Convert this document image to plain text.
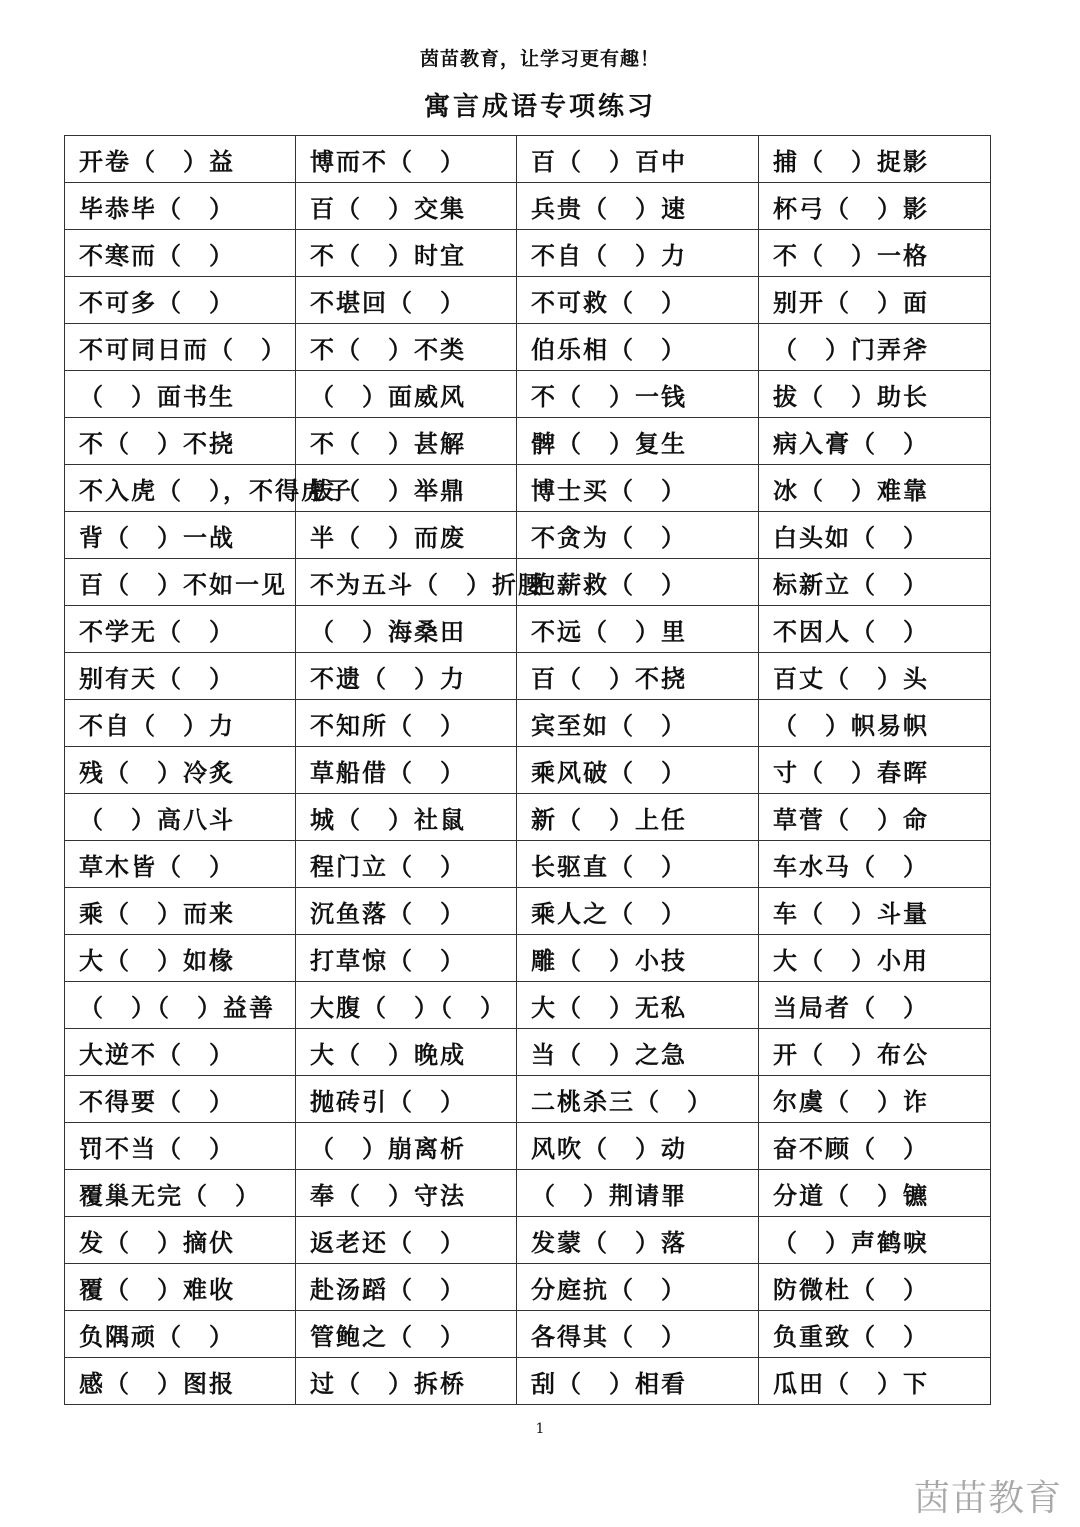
茵苗教育，让学习更有趣！
寓言成语专项练习
开卷（　）益	博而不（　）	百（　）百中	捕（　）捉影
毕恭毕（　）	百（　）交集	兵贵（　）速	杯弓（　）影
不寒而（　）	不（　）时宜	不自（　）力	不（　）一格
不可多（　）	不堪回（　）	不可救（　）	别开（　）面
不可同日而（　）	不（　）不类	伯乐相（　）	（　）门弄斧
（　）面书生	（　）面威风	不（　）一钱	拔（　）助长
不（　）不挠	不（　）甚解	髀（　）复生	病入膏（　）
不入虎（　），不得虎子	拔（　）举鼎	博士买（　）	冰（　）难靠
背（　）一战	半（　）而废	不贪为（　）	白头如（　）
百（　）不如一见	不为五斗（　）折腰	抱薪救（　）	标新立（　）
不学无（　）	（　）海桑田	不远（　）里	不因人（　）
别有天（　）	不遗（　）力	百（　）不挠	百丈（　）头
不自（　）力	不知所（　）	宾至如（　）	（　）帜易帜
残（　）冷炙	草船借（　）	乘风破（　）	寸（　）春晖
（　）高八斗	城（　）社鼠	新（　）上任	草菅（　）命
草木皆（　）	程门立（　）	长驱直（　）	车水马（　）
乘（　）而来	沉鱼落（　）	乘人之（　）	车（　）斗量
大（　）如椽	打草惊（　）	雕（　）小技	大（　）小用
（　）（　）益善	大腹（　）（　）	大（　）无私	当局者（　）
大逆不（　）	大（　）晚成	当（　）之急	开（　）布公
不得要（　）	抛砖引（　）	二桃杀三（　）	尔虞（　）诈
罚不当（　）	（　）崩离析	风吹（　）动	奋不顾（　）
覆巢无完（　）	奉（　）守法	（　）荆请罪	分道（　）镳
发（　）摘伏	返老还（　）	发蒙（　）落	（　）声鹤唳
覆（　）难收	赴汤蹈（　）	分庭抗（　）	防微杜（　）
负隅顽（　）	管鲍之（　）	各得其（　）	负重致（　）
感（　）图报	过（　）拆桥	刮（　）相看	瓜田（　）下
1
茵苗教育
